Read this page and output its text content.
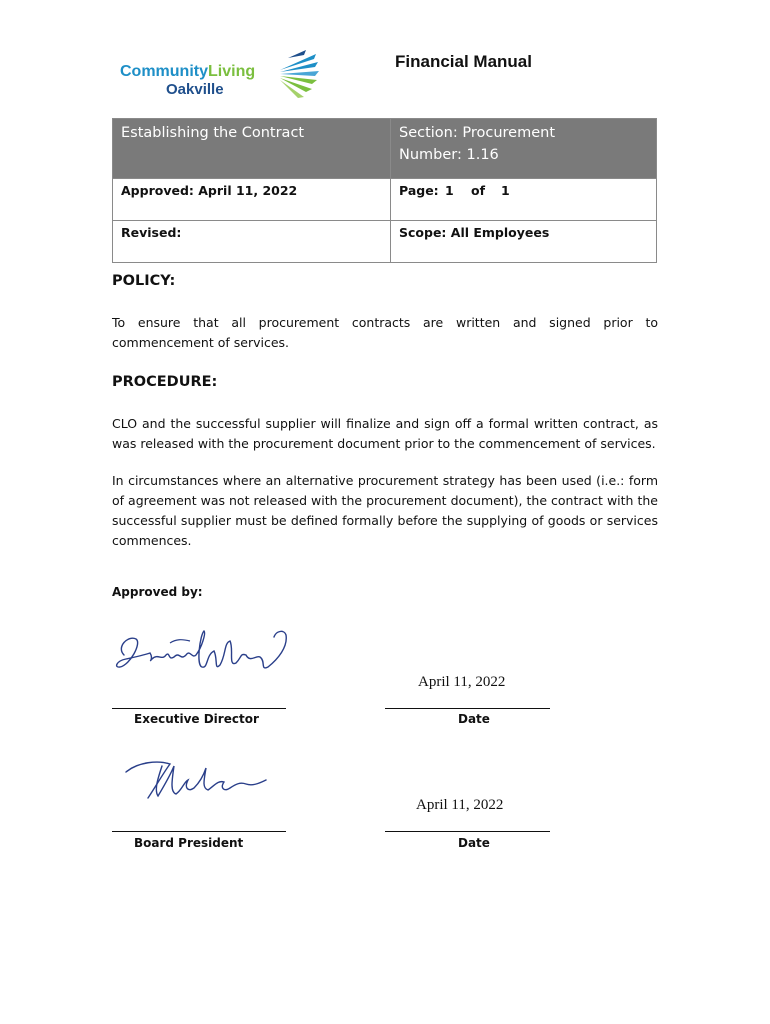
Community Living
Oakville
Financial Manual
Establishing the Contract	Section: Procurement
Number: 1.16

Approved: April 11, 2022	Page: 1 of 1
Revised:	Scope: All Employees
POLICY:
To ensure that all procurement contracts are written and signed prior to commencement of services.
PROCEDURE:
CLO and the successful supplier will finalize and sign off a formal written contract, as was released with the procurement document prior to the commencement of services.
In circumstances where an alternative procurement strategy has been used (i.e.: form of agreement was not released with the procurement document), the contract with the successful supplier must be defined formally before the supplying of goods or services commences.
Approved by:
April 11, 2022
Executive Director	Date
April 11, 2022
Board President	Date
